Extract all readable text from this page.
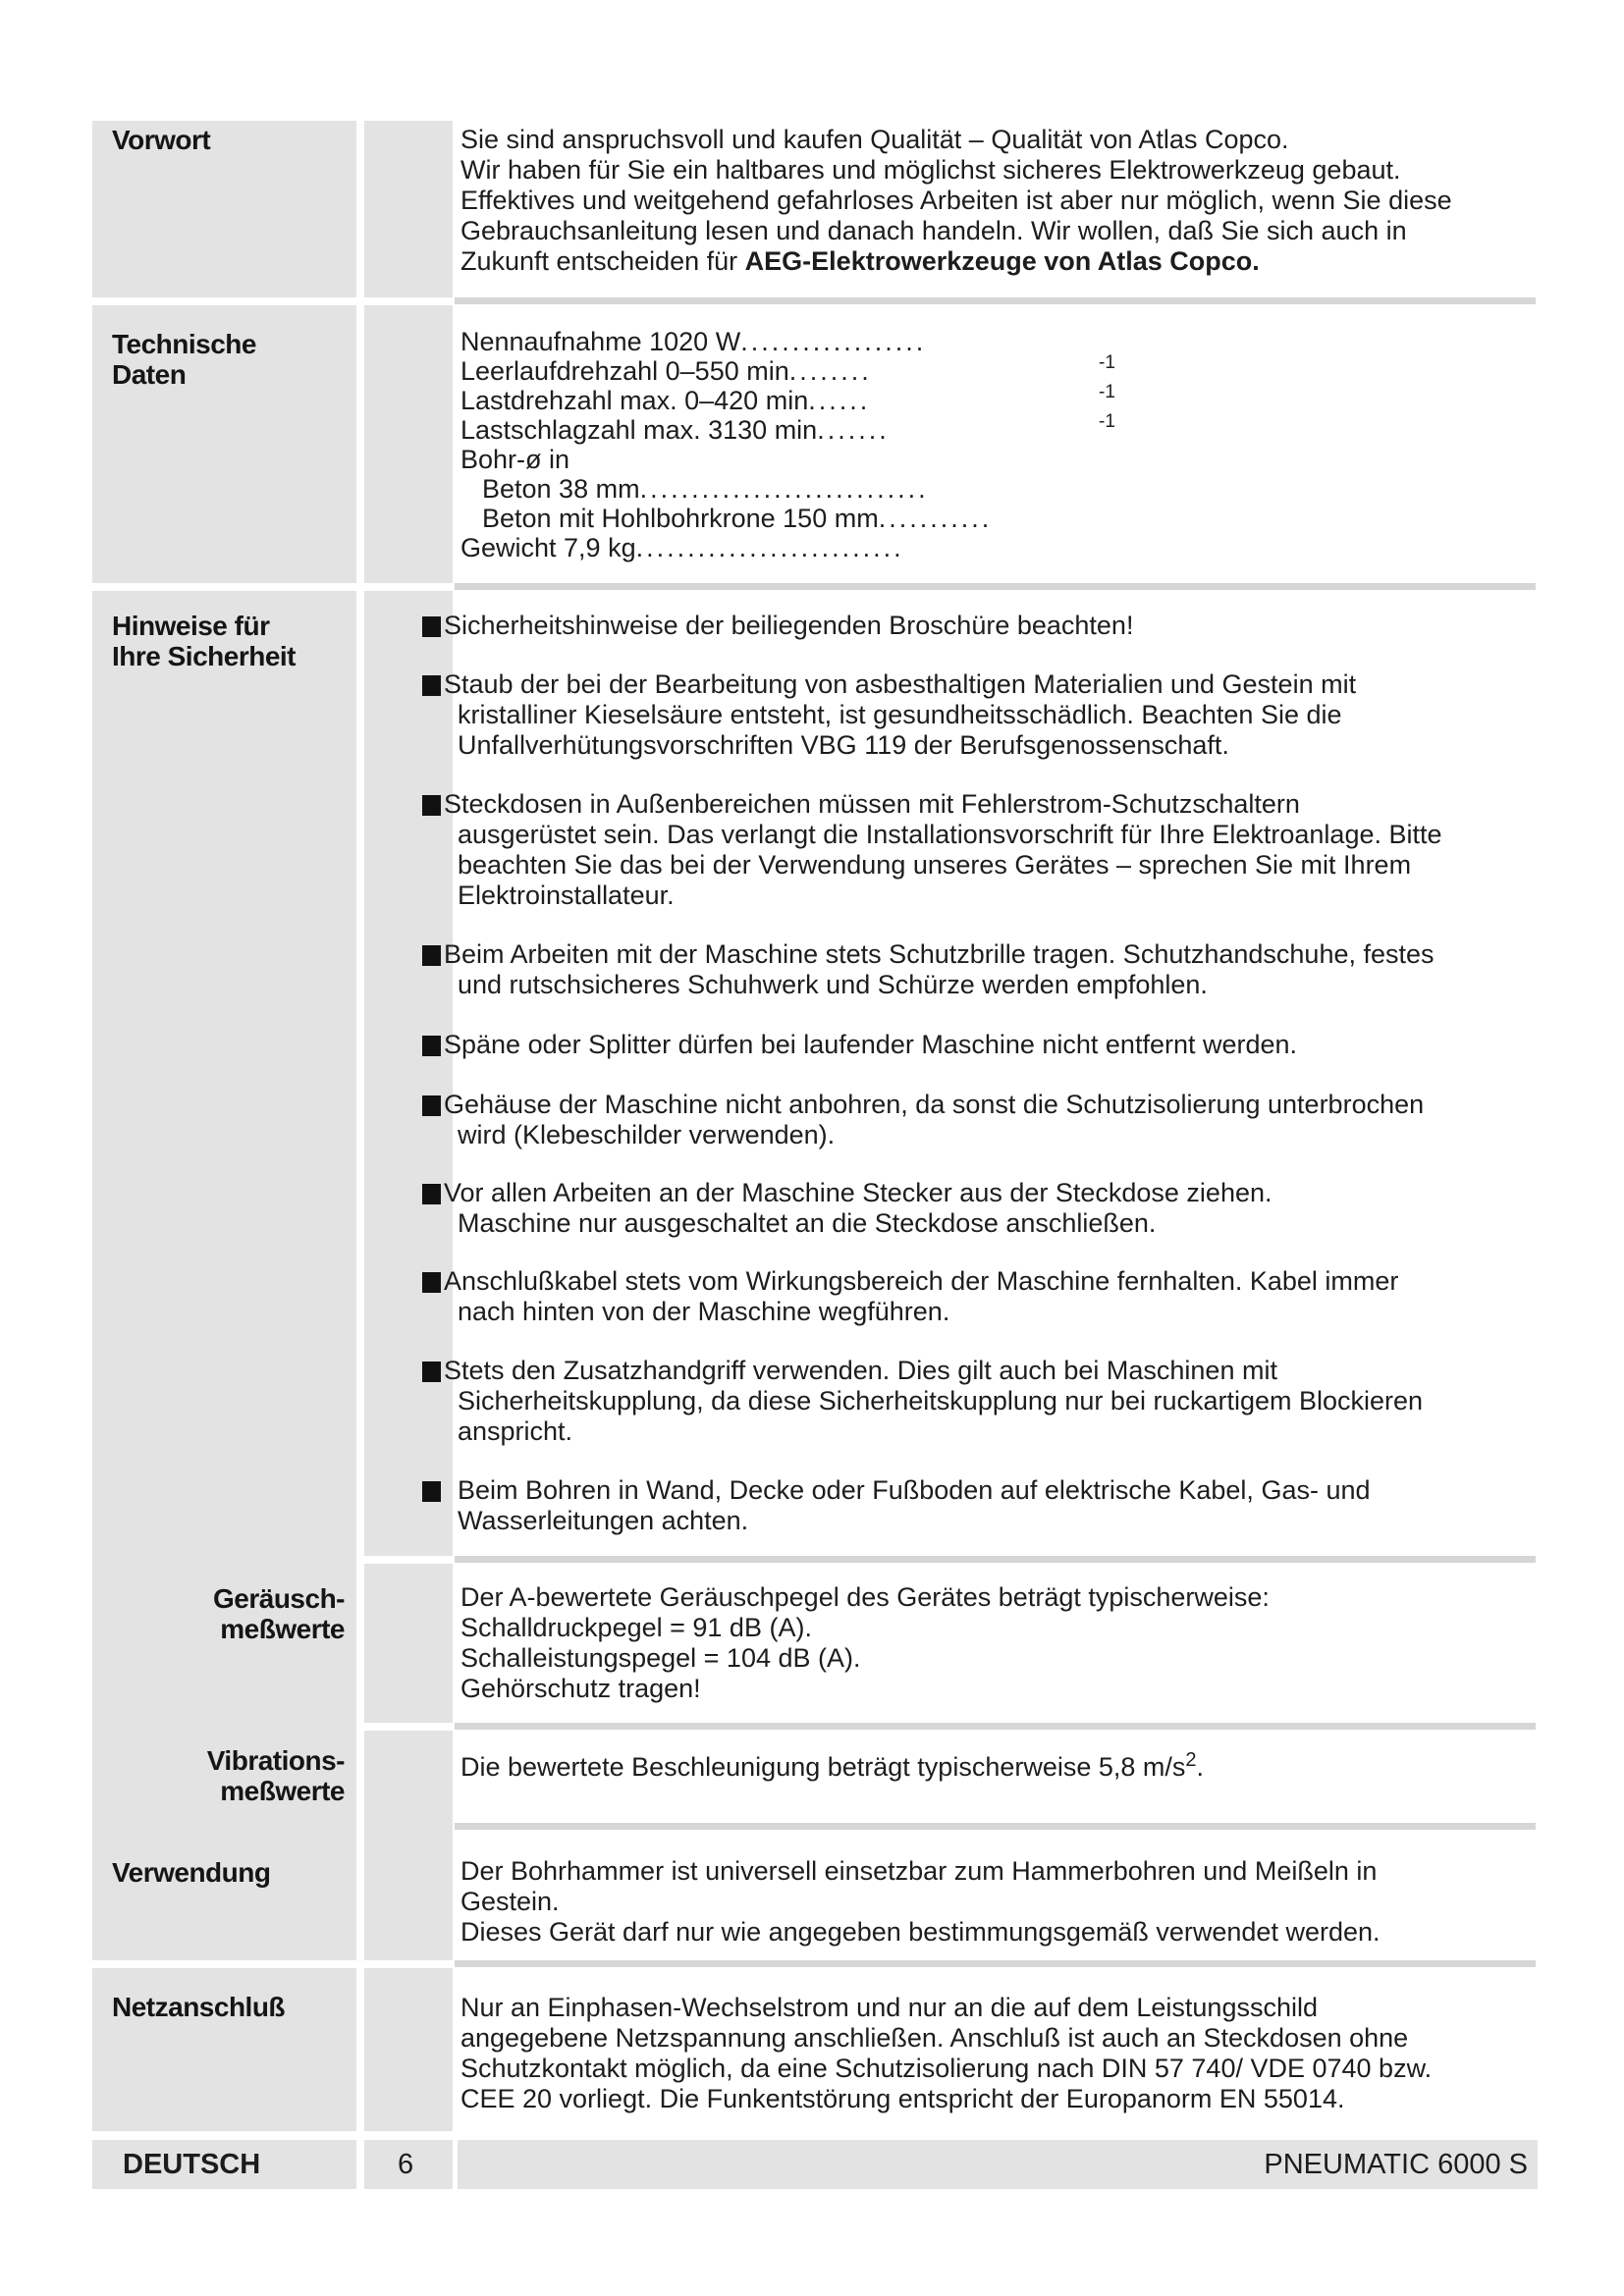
Vorwort	Sie sind anspruchsvoll und kaufen Qualität – Qualität von Atlas Copco.

Wir haben für Sie ein haltbares und möglichst sicheres Elektrowerkzeug gebaut.

Effektives und weitgehend gefahrloses Arbeiten ist aber nur möglich, wenn Sie diese

Gebrauchsanleitung lesen und danach handeln. Wir wollen, daß Sie sich auch in

Zukunft entscheiden für AEG-Elektrowerkzeuge von Atlas Copco.

Technische
Daten
Nennaufnahme 1020 W..................
Leerlaufdrehzahl 0–550 min........	-1
Lastdrehzahl max. 0–420 min......	-1
Lastschlagzahl max. 3130 min.......	-1
Bohr-ø in
Beton 38 mm............................
Beton mit Hohlbohrkrone 150 mm...........
Gewicht 7,9 kg..........................
Hinweise für
Ihre Sicherheit
Sicherheitshinweise der beiliegenden Broschüre beachten!
Staub der bei der Bearbeitung von asbesthaltigen Materialien und Gestein mit
kristalliner Kieselsäure entsteht, ist gesundheitsschädlich. Beachten Sie die
Unfallverhütungsvorschriften VBG 119 der Berufsgenossenschaft.
Steckdosen in Außenbereichen müssen mit Fehlerstrom-Schutzschaltern
ausgerüstet sein. Das verlangt die Installationsvorschrift für Ihre Elektroanlage. Bitte
beachten Sie das bei der Verwendung unseres Gerätes – sprechen Sie mit Ihrem
Elektroinstallateur.
Beim Arbeiten mit der Maschine stets Schutzbrille tragen. Schutzhandschuhe, festes
und rutschsicheres Schuhwerk und Schürze werden empfohlen.
Späne oder Splitter dürfen bei laufender Maschine nicht entfernt werden.
Gehäuse der Maschine nicht anbohren, da sonst die Schutzisolierung unterbrochen
wird (Klebeschilder verwenden).
Vor allen Arbeiten an der Maschine Stecker aus der Steckdose ziehen.
Maschine nur ausgeschaltet an die Steckdose anschließen.
Anschlußkabel stets vom Wirkungsbereich der Maschine fernhalten. Kabel immer
nach hinten von der Maschine wegführen.
Stets den Zusatzhandgriff verwenden. Dies gilt auch bei Maschinen mit
Sicherheitskupplung, da diese Sicherheitskupplung nur bei ruckartigem Blockieren
anspricht.
Beim Bohren in Wand, Decke oder Fußboden auf elektrische Kabel, Gas- und
Wasserleitungen achten.
Geräusch-
meßwerte

Der A-bewertete Geräuschpegel des Gerätes beträgt typischerweise:

Schalldruckpegel = 91 dB (A).

Schalleistungspegel = 104 dB (A).

Gehörschutz tragen!

Vibrations-
meßwerte

Die bewertete Beschleunigung beträgt typischerweise 5,8 $m/s^2$.

Verwendung	Der Bohrhammer ist universell einsetzbar zum Hammerbohren und Meißeln in

Gestein.

Dieses Gerät darf nur wie angegeben bestimmungsgemäß verwendet werden.

Netzanschluß	Nur an Einphasen-Wechselstrom und nur an die auf dem Leistungsschild

angegebene Netzspannung anschließen. Anschluß ist auch an Steckdosen ohne

Schutzkontakt möglich, da eine Schutzisolierung nach DIN 57 740/ VDE 0740 bzw.

CEE 20 vorliegt. Die Funkentstörung entspricht der Europanorm EN 55014.

DEUTSCH	6	PNEUMATIC 6000 S
